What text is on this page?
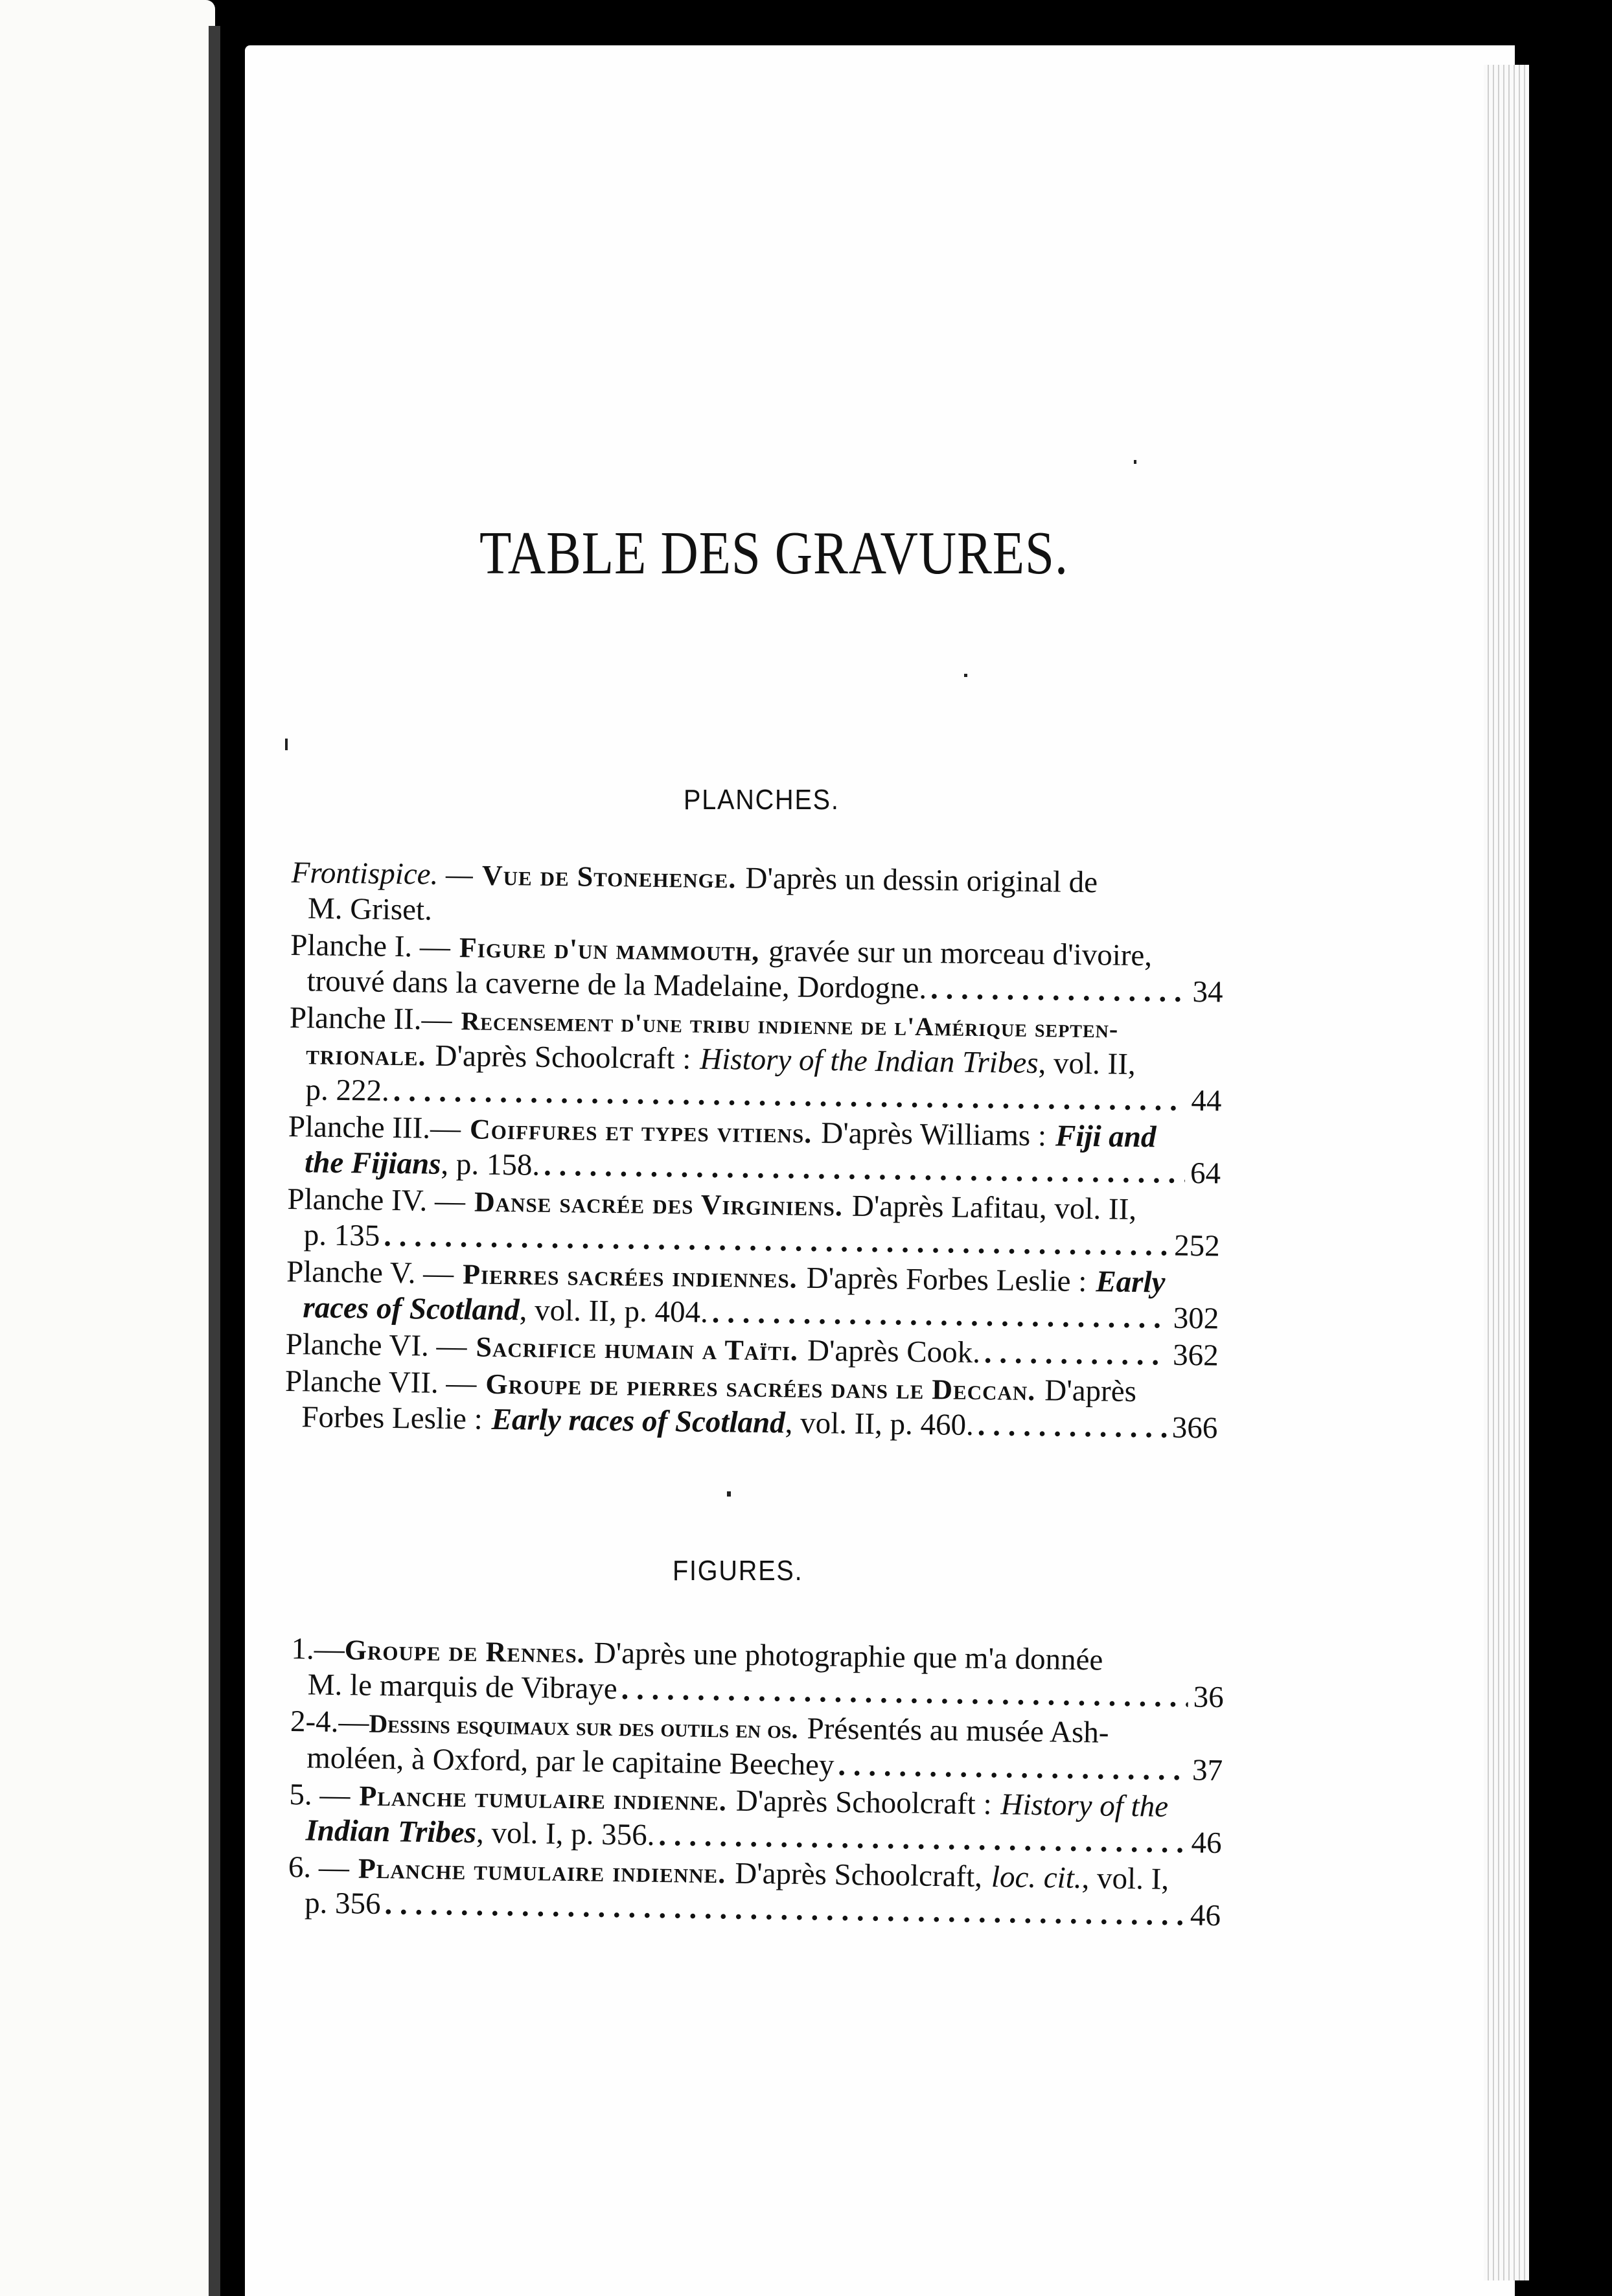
TABLE DES GRAVURES.
PLANCHES.
Frontispice. — Vue de Stonehenge. D'après un dessin original de
M. Griset.
Planche I. — Figure d'un mammouth, gravée sur un morceau d'ivoire,
trouvé dans la caverne de la Madelaine, Dordogne. . . .	34
Planche II.— Recensement d'une tribu indienne de l'Amérique septen-
trionale. D'après Schoolcraft : History of the Indian Tribes , vol. II,
p. 222. . . .	44
Planche III.— Coiffures et types vitiens. D'après Williams : Fiji and
the Fijians , p. 158. . . .	64
Planche IV. — Danse sacrée des Virginiens. D'après Lafitau, vol. II,
p. 135 . . .	252
Planche V. — Pierres sacrées indiennes. D'après Forbes Leslie : Early
races of Scotland , vol. II, p. 404. . . .	302
Planche VI. — Sacrifice humain a Taïti. D'après Cook. . . .	362
Planche VII. — Groupe de pierres sacrées dans le Deccan. D'après
Forbes Leslie : Early races of Scotland , vol. II, p. 460. . . .	366
FIGURES.
1.— Groupe de Rennes. D'après une photographie que m'a donnée
M. le marquis de Vibraye . . .	36
2-4.— Dessins esquimaux sur des outils en os. Présentés au musée Ash-
moléen, à Oxford, par le capitaine Beechey . . .	37
5. — Planche tumulaire indienne. D'après Schoolcraft : History of the
Indian Tribes , vol. I, p. 356. . . .	46
6. — Planche tumulaire indienne. D'après Schoolcraft, loc. cit. , vol. I,
p. 356 . . .	46
